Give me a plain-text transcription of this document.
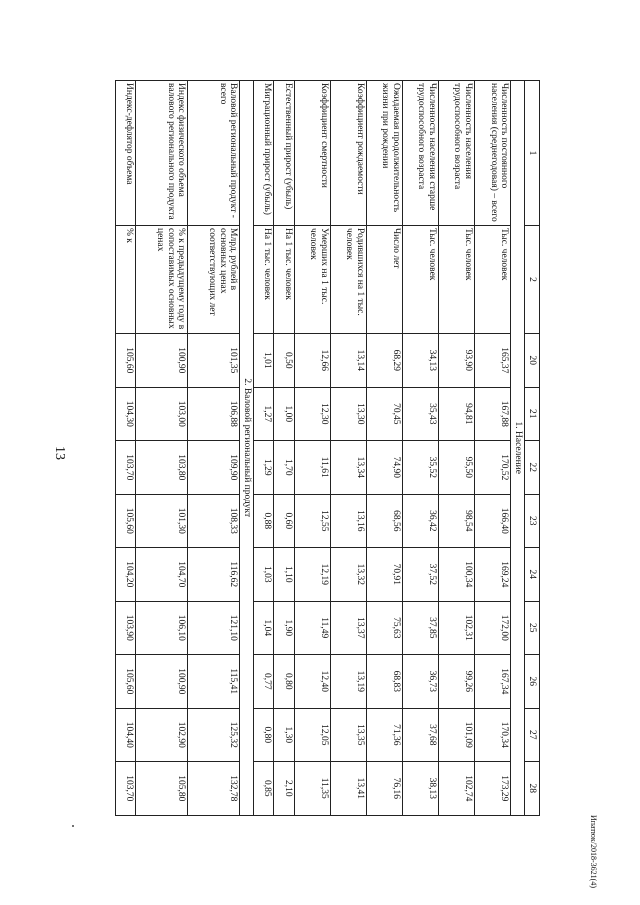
13
Ипатюк/2018-3621(4)
1	2	20	21	22	23	24	25	26	27	28
1. Население										
Численность постоянного населения (среднегодовая) – всего	Тыс. человек	165,37	167,88	170,52	166,40	169,24	172,00	167,34	170,34	173,29
Численность населения трудоспособного возраста	Тыс. человек	93,90	94,81	95,50	98,54	100,34	102,31	99,26	101,09	102,74
Численность населения старше трудоспособного возраста	Тыс. человек	34,13	35,43	35,52	36,42	37,52	37,85	36,73	37,68	38,13
Ожидаемая продолжительность жизни при рождении	Число лет	68,29	70,45	74,90	68,56	70,91	75,63	68,83	71,36	76,16
Коэффициент рождаемости	Родившихся на 1 тыс. человек	13,14	13,30	13,34	13,16	13,32	13,37	13,19	13,35	13,41
Коэффициент смертности	Умерших на 1 тыс. человек	12,66	12,30	11,61	12,55	12,19	11,49	12,40	12,05	11,35
Естественный прирост (убыль)	На 1 тыс. человек	0,50	1,00	1,70	0,60	1,10	1,90	0,80	1,30	2,10
Миграционный прирост (убыль)	На 1 тыс. человек	1,01	1,27	1,29	0,88	1,03	1,04	0,77	0,80	0,85
2. Валовой региональный продукт										
Валовой региональный продукт - всего	Млрд. рублей в основных ценах соответствующих лет	101,35	106,88	109,90	108,33	116,62	121,10	115,41	125,32	132,78
Индекс физического объема валового регионального продукта	% к предыдущему году в сопоставимых основных ценах	100,90	103,00	103,80	101,30	104,70	106,10	100,90	102,90	105,80
Индекс-дефлятор объема	% к	105,60	104,30	103,70	105,60	104,20	103,90	105,60	104,40	103,70
